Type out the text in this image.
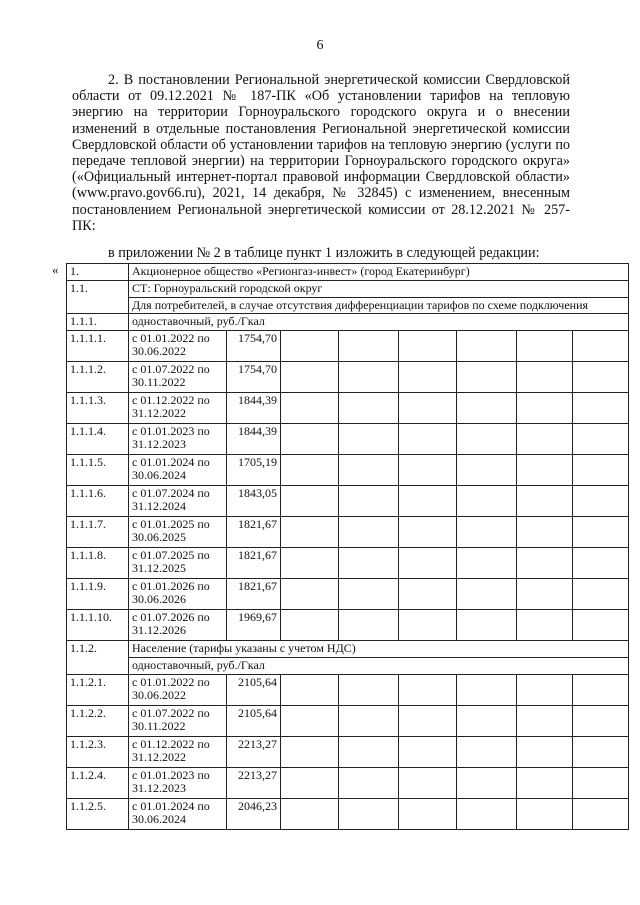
6
2. В постановлении Региональной энергетической комиссии Свердловской области от 09.12.2021 № 187-ПК «Об установлении тарифов на тепловую энергию на территории Горноуральского городского округа и о внесении изменений в отдельные постановления Региональной энергетической комиссии Свердловской области об установлении тарифов на тепловую энергию (услуги по передаче тепловой энергии) на территории Горноуральского городского округа» («Официальный интернет-портал правовой информации Свердловской области» (www.pravo.gov66.ru), 2021, 14 декабря, № 32845) с изменением, внесенным постановлением Региональной энергетической комиссии от 28.12.2021 № 257-ПК:
в приложении № 2 в таблице пункт 1 изложить в следующей редакции:
« 1.	Акционерное общество «Регионгаз-инвест» (город Екатеринбург)							
1.1.	СТ: Горноуральский городской округ							
	Для потребителей, в случае отсутствия дифференциации тарифов по схеме подключения							
1.1.1.	одноставочный, руб./Гкал							
1.1.1.1.	с 01.01.2022 по 30.06.2022	1754,70						
1.1.1.2.	с 01.07.2022 по 30.11.2022	1754,70						
1.1.1.3.	с 01.12.2022 по 31.12.2022	1844,39						
1.1.1.4.	с 01.01.2023 по 31.12.2023	1844,39						
1.1.1.5.	с 01.01.2024 по 30.06.2024	1705,19						
1.1.1.6.	с 01.07.2024 по 31.12.2024	1843,05						
1.1.1.7.	с 01.01.2025 по 30.06.2025	1821,67						
1.1.1.8.	с 01.07.2025 по 31.12.2025	1821,67						
1.1.1.9.	с 01.01.2026 по 30.06.2026	1821,67						
1.1.1.10.	с 01.07.2026 по 31.12.2026	1969,67						
1.1.2.	Население (тарифы указаны с учетом НДС)							
	одноставочный, руб./Гкал							
1.1.2.1.	с 01.01.2022 по 30.06.2022	2105,64						
1.1.2.2.	с 01.07.2022 по 30.11.2022	2105,64						
1.1.2.3.	с 01.12.2022 по 31.12.2022	2213,27						
1.1.2.4.	с 01.01.2023 по 31.12.2023	2213,27						
1.1.2.5.	с 01.01.2024 по 30.06.2024	2046,23						
